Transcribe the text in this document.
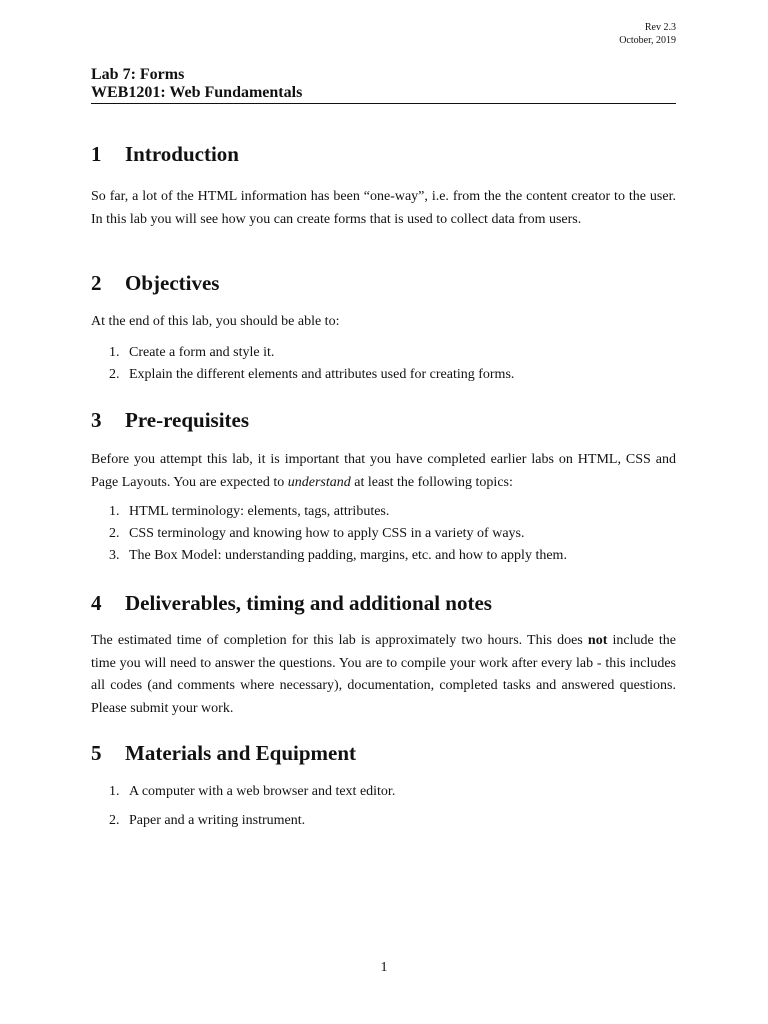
Rev 2.3
October, 2019
Lab 7: Forms
WEB1201: Web Fundamentals
1	Introduction
So far, a lot of the HTML information has been “one-way”, i.e. from the the content creator to the user. In this lab you will see how you can create forms that is used to collect data from users.
2	Objectives
At the end of this lab, you should be able to:
1. Create a form and style it.
2. Explain the different elements and attributes used for creating forms.
3	Pre-requisites
Before you attempt this lab, it is important that you have completed earlier labs on HTML, CSS and Page Layouts. You are expected to understand at least the following topics:
1. HTML terminology: elements, tags, attributes.
2. CSS terminology and knowing how to apply CSS in a variety of ways.
3. The Box Model: understanding padding, margins, etc. and how to apply them.
4	Deliverables, timing and additional notes
The estimated time of completion for this lab is approximately two hours. This does not include the time you will need to answer the questions. You are to compile your work after every lab - this includes all codes (and comments where necessary), documentation, completed tasks and answered questions. Please submit your work.
5	Materials and Equipment
1. A computer with a web browser and text editor.
2. Paper and a writing instrument.
1
